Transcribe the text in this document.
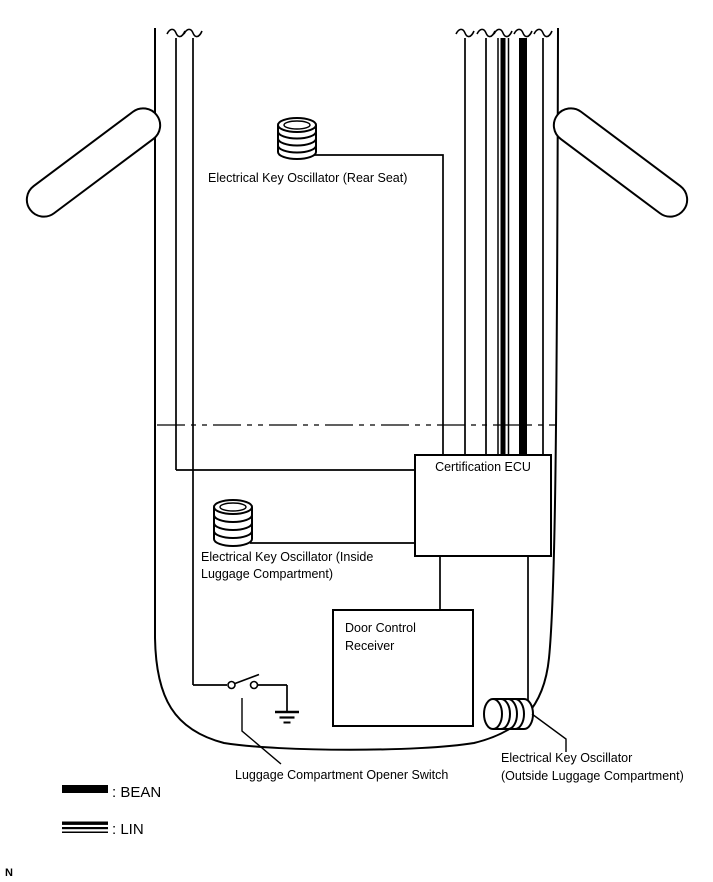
Certification ECU
Door Control
Receiver
Electrical Key Oscillator (Rear Seat)
Electrical Key Oscillator (Inside
Luggage Compartment)
Luggage Compartment Opener Switch
Electrical Key Oscillator
(Outside Luggage Compartment)
: BEAN
: LIN
N
